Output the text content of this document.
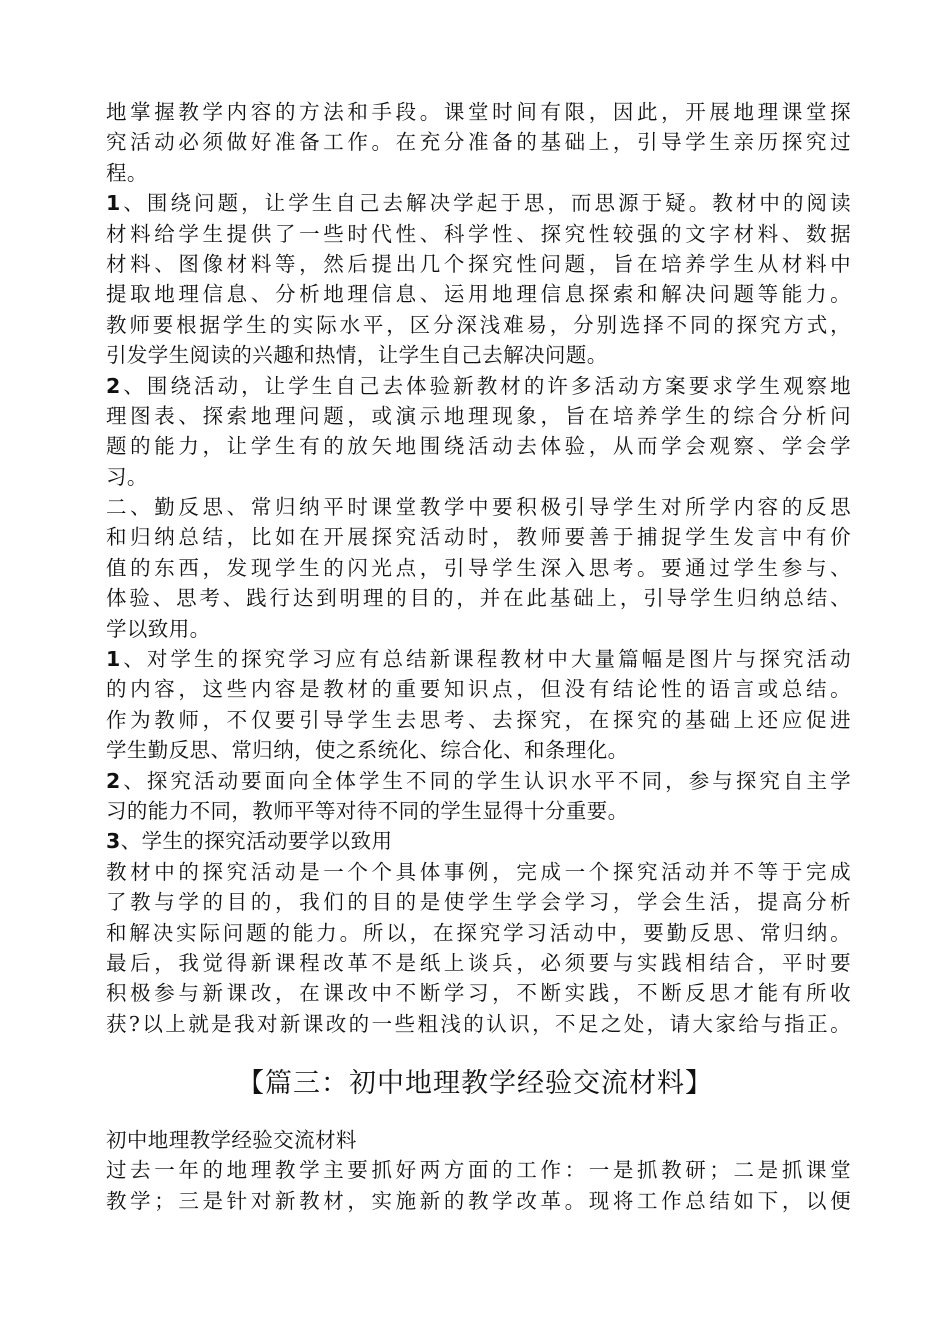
地掌握教学内容的方法和手段。课堂时间有限，因此，开展地理课堂探
究活动必须做好准备工作。在充分准备的基础上，引导学生亲历探究过
程。
1、围绕问题，让学生自己去解决学起于思，而思源于疑。教材中的阅读
材料给学生提供了一些时代性、科学性、探究性较强的文字材料、数据
材料、图像材料等，然后提出几个探究性问题，旨在培养学生从材料中
提取地理信息、分析地理信息、运用地理信息探索和解决问题等能力。
教师要根据学生的实际水平，区分深浅难易，分别选择不同的探究方式，
引发学生阅读的兴趣和热情，让学生自己去解决问题。
2、围绕活动，让学生自己去体验新教材的许多活动方案要求学生观察地
理图表、探索地理问题，或演示地理现象，旨在培养学生的综合分析问
题的能力，让学生有的放矢地围绕活动去体验，从而学会观察、学会学
习。
二、勤反思、常归纳平时课堂教学中要积极引导学生对所学内容的反思
和归纳总结，比如在开展探究活动时，教师要善于捕捉学生发言中有价
值的东西，发现学生的闪光点，引导学生深入思考。要通过学生参与、
体验、思考、践行达到明理的目的，并在此基础上，引导学生归纳总结、
学以致用。
1、对学生的探究学习应有总结新课程教材中大量篇幅是图片与探究活动
的内容，这些内容是教材的重要知识点，但没有结论性的语言或总结。
作为教师，不仅要引导学生去思考、去探究，在探究的基础上还应促进
学生勤反思、常归纳，使之系统化、综合化、和条理化。
2、探究活动要面向全体学生不同的学生认识水平不同，参与探究自主学
习的能力不同，教师平等对待不同的学生显得十分重要。
3、学生的探究活动要学以致用
教材中的探究活动是一个个具体事例，完成一个探究活动并不等于完成
了教与学的目的，我们的目的是使学生学会学习，学会生活，提高分析
和解决实际问题的能力。所以，在探究学习活动中，要勤反思、常归纳。
最后，我觉得新课程改革不是纸上谈兵，必须要与实践相结合，平时要
积极参与新课改，在课改中不断学习，不断实践，不断反思才能有所收
获?以上就是我对新课改的一些粗浅的认识，不足之处，请大家给与指正。
【篇三：初中地理教学经验交流材料】
初中地理教学经验交流材料
过去一年的地理教学主要抓好两方面的工作：一是抓教研；二是抓课堂
教学；三是针对新教材，实施新的教学改革。现将工作总结如下，以便
